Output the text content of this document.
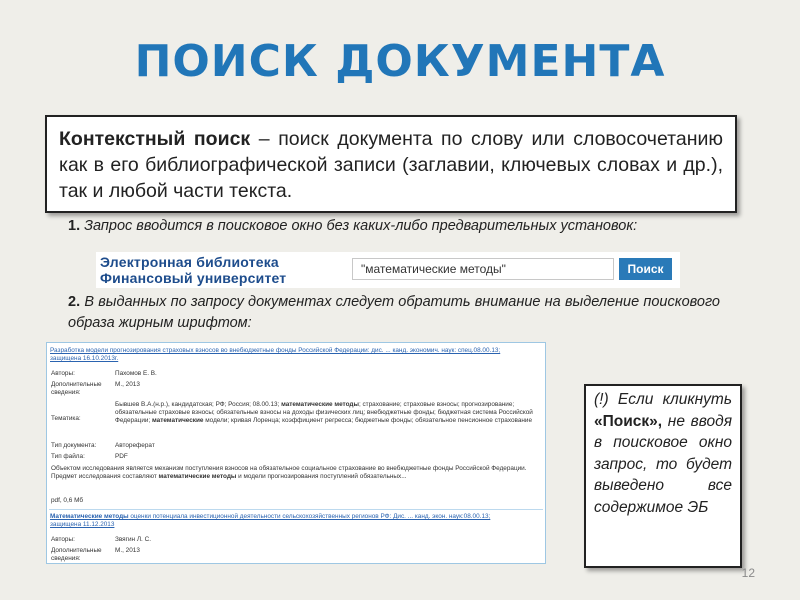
ПОИСК ДОКУМЕНТА
Контекстный поиск – поиск документа по слову или словосочетанию как в его библиографической записи (заглавии, ключевых словах и др.), так и любой части текста.
1. Запрос вводится в поисковое окно без каких-либо предварительных установок:
Электронная библиотека
Финансовый университет
"математические методы"	Поиск
2. В выданных по запросу документах следует обратить внимание на выделение поискового образа жирным шрифтом:
Разработка модели прогнозирования страховых взносов во внебюджетные фонды Российской Федерации: дис. ... канд. экономич. наук: спец.08.00.13; защищена 16.10.2013г.
Авторы:	Пахомов Е. В.
Дополнительные
сведения:
М., 2013
Тематика:
Бывшев В.А.(н.р.), кандидатская; РФ; Россия; 08.00.13; математические методы; страхование; страховые взносы; прогнозирование; обязательные страховые взносы; обязательные взносы на доходы физических лиц; внебюджетные фонды; бюджетная система Российской Федерации; математические модели; кривая Лоренца; коэффициент регресса; бюджетные фонды; обязательное пенсионное страхование
Тип документа:	Автореферат
Тип файла:	PDF
Объектом исследования является механизм поступления взносов на обязательное социальное страхование во внебюджетные фонды Российской Федерации. Предмет исследования составляют математические методы и модели прогнозирования поступлений обязательных...
pdf, 0,6 Мб
Математические методы оценки потенциала инвестиционной деятельности сельскохозяйственных регионов РФ: Дис. ... канд. экон. наук:08.00.13; защищена 11.12.2013
Авторы:	Звягин Л. С.
Дополнительные
сведения:
М., 2013
(!) Если кликнуть «Поиск», не вводя в поисковое окно запрос, то будет выведено все содержимое ЭБ
12
